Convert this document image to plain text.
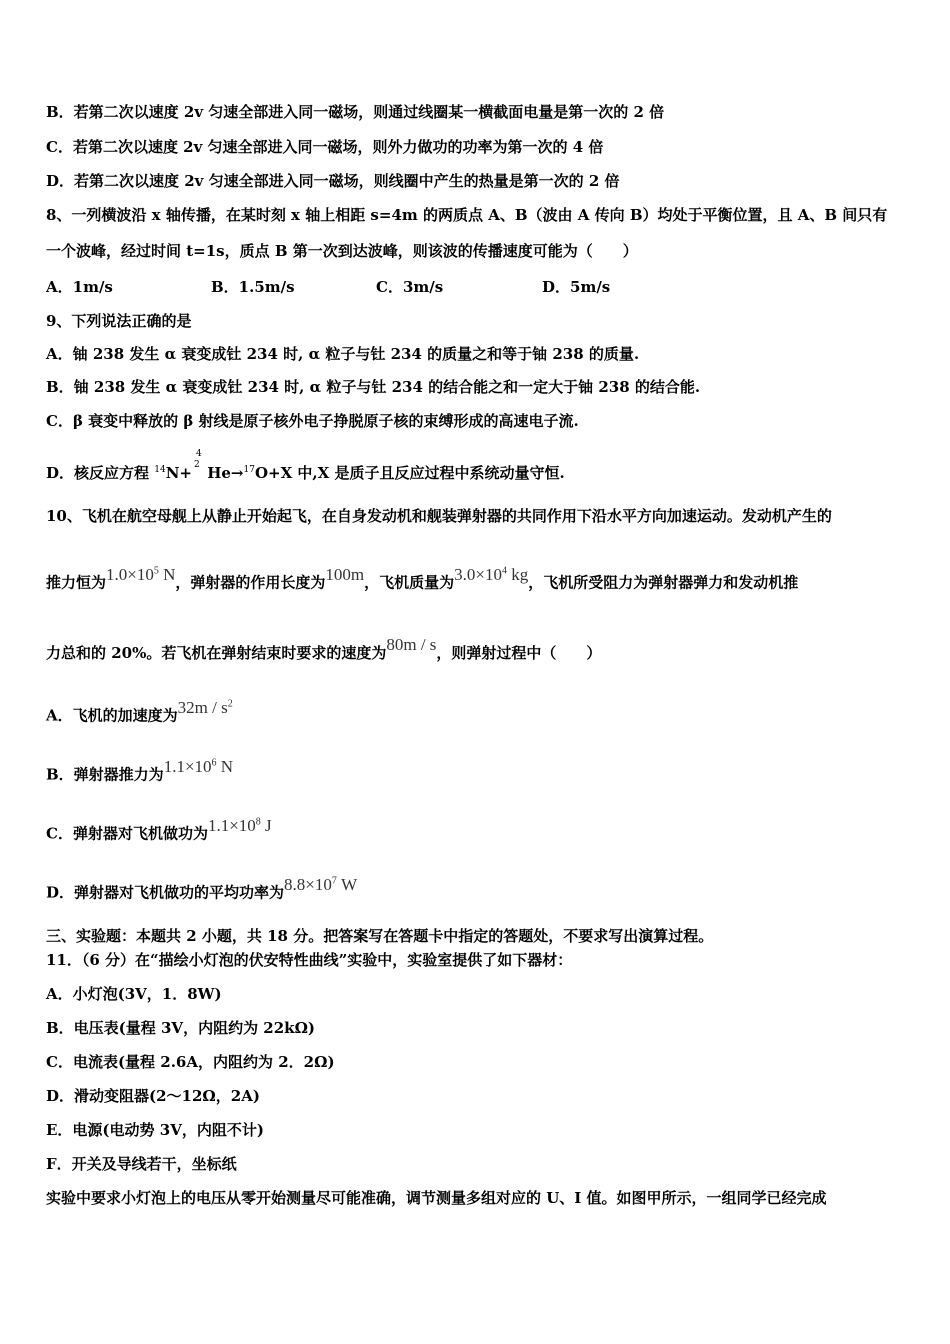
B．若第二次以速度 2v 匀速全部进入同一磁场，则通过线圈某一横截面电量是第一次的 2 倍
C．若第二次以速度 2v 匀速全部进入同一磁场，则外力做功的功率为第一次的 4 倍
D．若第二次以速度 2v 匀速全部进入同一磁场，则线圈中产生的热量是第一次的 2 倍
8、一列横波沿 x 轴传播，在某时刻 x 轴上相距 s=4m 的两质点 A、B（波由 A 传向 B）均处于平衡位置，且 A、B 间只有
一个波峰，经过时间 t=1s，质点 B 第一次到达波峰，则该波的传播速度可能为（　　）
A．1m/s	B．1.5m/s	C．3m/s	D．5m/s
9、下列说法正确的是
A．铀 238 发生 α 衰变成钍 234 时, α 粒子与钍 234 的质量之和等于铀 238 的质量.
B．铀 238 发生 α 衰变成钍 234 时, α 粒子与钍 234 的结合能之和一定大于铀 238 的结合能.
C．β 衰变中释放的 β 射线是原子核外电子挣脱原子核的束缚形成的高速电子流.
D．核反应方程 $^{14}$N+
4
2 He→$^{17}$O+X 中,X 是质子且反应过程中系统动量守恒.
10、飞机在航空母舰上从静止开始起飞，在自身发动机和舰装弹射器的共同作用下沿水平方向加速运动。发动机产生的
推力恒为$1.0\times 10^5$ N，弹射器的作用长度为100m，飞机质量为$3.0\times 10^4$ kg，飞机所受阻力为弹射器弹力和发动机推
力总和的 20%。若飞机在弹射结束时要求的速度为80m / s，则弹射过程中（　　）
A．飞机的加速度为$32m / s^2$
B．弹射器推力为$1.1\times 10^6$ N
C．弹射器对飞机做功为$1.1\times 10^8$ J
D．弹射器对飞机做功的平均功率为$8.8\times 10^7$ W
三、实验题：本题共 2 小题，共 18 分。把答案写在答题卡中指定的答题处，不要求写出演算过程。
11．（6 分）在“描绘小灯泡的伏安特性曲线”实验中，实验室提供了如下器材：
A．小灯泡(3V，1．8W)
B．电压表(量程 3V，内阻约为 22kΩ)
C．电流表(量程 2.6A，内阻约为 2．2Ω)
D．滑动变阻器(2～12Ω，2A)
E．电源(电动势 3V，内阻不计)
F．开关及导线若干，坐标纸
实验中要求小灯泡上的电压从零开始测量尽可能准确，调节测量多组对应的 U、I 值。如图甲所示，一组同学已经完成
